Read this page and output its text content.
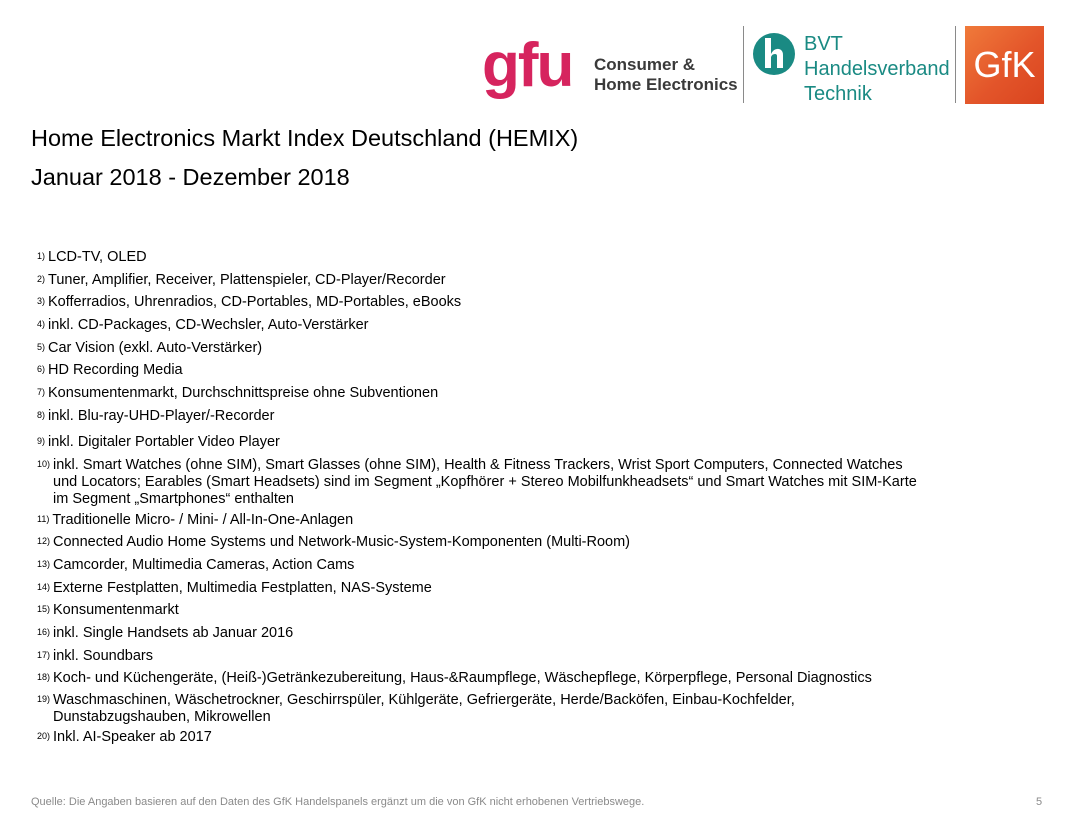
gfu Consumer &
Home Electronics
BVT
Handelsverband
Technik
GfK
Home Electronics Markt Index Deutschland (HEMIX)
Januar 2018 - Dezember 2018
$^{1)}$ LCD-TV, OLED
$^{2)}$ Tuner, Amplifier, Receiver, Plattenspieler, CD-Player/Recorder
$^{3)}$ Kofferradios, Uhrenradios, CD-Portables, MD-Portables, eBooks
$^{4)}$ inkl. CD-Packages, CD-Wechsler, Auto-Verstärker
$^{5)}$ Car Vision (exkl. Auto-Verstärker)
$^{6)}$ HD Recording Media
$^{7)}$ Konsumentenmarkt, Durchschnittspreise ohne Subventionen
$^{8)}$ inkl. Blu-ray-UHD-Player/-Recorder
$^{9)}$ inkl. Digitaler Portabler Video Player
$^{10)}$ inkl. Smart Watches (ohne SIM), Smart Glasses (ohne SIM), Health & Fitness Trackers, Wrist Sport Computers, Connected Watches
und Locators; Earables (Smart Headsets) sind im Segment „Kopfhörer + Stereo Mobilfunkheadsets“ und Smart Watches mit SIM-Karte
im Segment „Smartphones“ enthalten
$^{11)}$ Traditionelle Micro- / Mini- / All-In-One-Anlagen
$^{12)}$ Connected Audio Home Systems und Network-Music-System-Komponenten (Multi-Room)
$^{13)}$ Camcorder, Multimedia Cameras, Action Cams
$^{14)}$ Externe Festplatten, Multimedia Festplatten, NAS-Systeme
$^{15)}$ Konsumentenmarkt
$^{16)}$ inkl. Single Handsets ab Januar 2016
$^{17)}$ inkl. Soundbars
$^{18)}$ Koch- und Küchengeräte, (Heiß-)Getränkezubereitung, Haus-&Raumpflege, Wäschepflege, Körperpflege, Personal Diagnostics
$^{19)}$ Waschmaschinen, Wäschetrockner, Geschirrspüler, Kühlgeräte, Gefriergeräte, Herde/Backöfen, Einbau-Kochfelder,
Dunstabzugshauben, Mikrowellen
$^{20)}$ Inkl. AI-Speaker ab 2017
Quelle: Die Angaben basieren auf den Daten des GfK Handelspanels ergänzt um die von GfK nicht erhobenen Vertriebswege.	5
